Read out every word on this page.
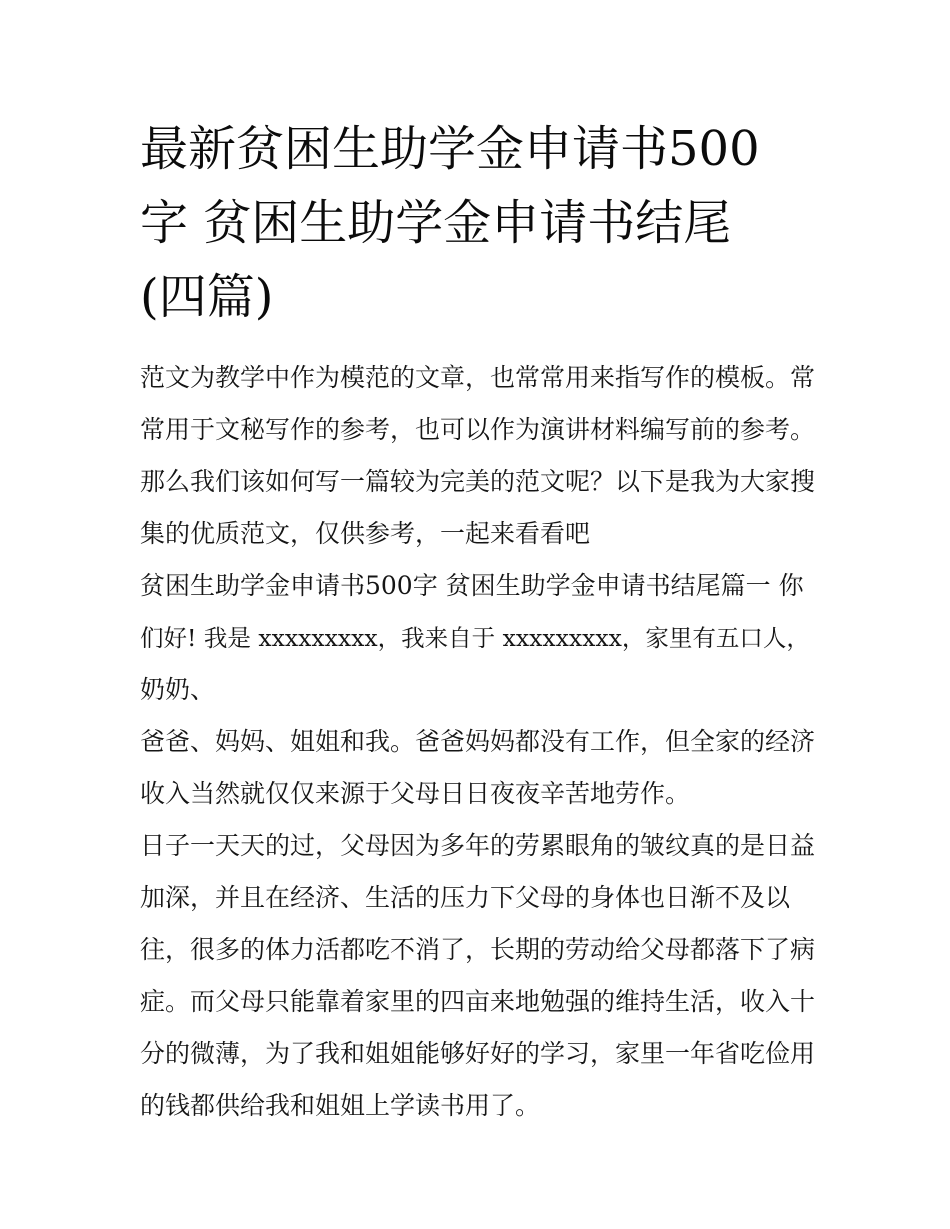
最新贫困生助学金申请书500
字 贫困生助学金申请书结尾
(四篇)
范文为教学中作为模范的文章，也常常用来指写作的模板。常
常用于文秘写作的参考，也可以作为演讲材料编写前的参考。
那么我们该如何写一篇较为完美的范文呢？以下是我为大家搜
集的优质范文，仅供参考，一起来看看吧
贫困生助学金申请书500字 贫困生助学金申请书结尾篇一 你
们好! 我是 xxxxxxxxx，我来自于 xxxxxxxxx，家里有五口人，
奶奶、
爸爸、妈妈、姐姐和我。爸爸妈妈都没有工作，但全家的经济
收入当然就仅仅来源于父母日日夜夜辛苦地劳作。
日子一天天的过，父母因为多年的劳累眼角的皱纹真的是日益
加深，并且在经济、生活的压力下父母的身体也日渐不及以
往，很多的体力活都吃不消了，长期的劳动给父母都落下了病
症。而父母只能靠着家里的四亩来地勉强的维持生活，收入十
分的微薄，为了我和姐姐能够好好的学习，家里一年省吃俭用
的钱都供给我和姐姐上学读书用了。
